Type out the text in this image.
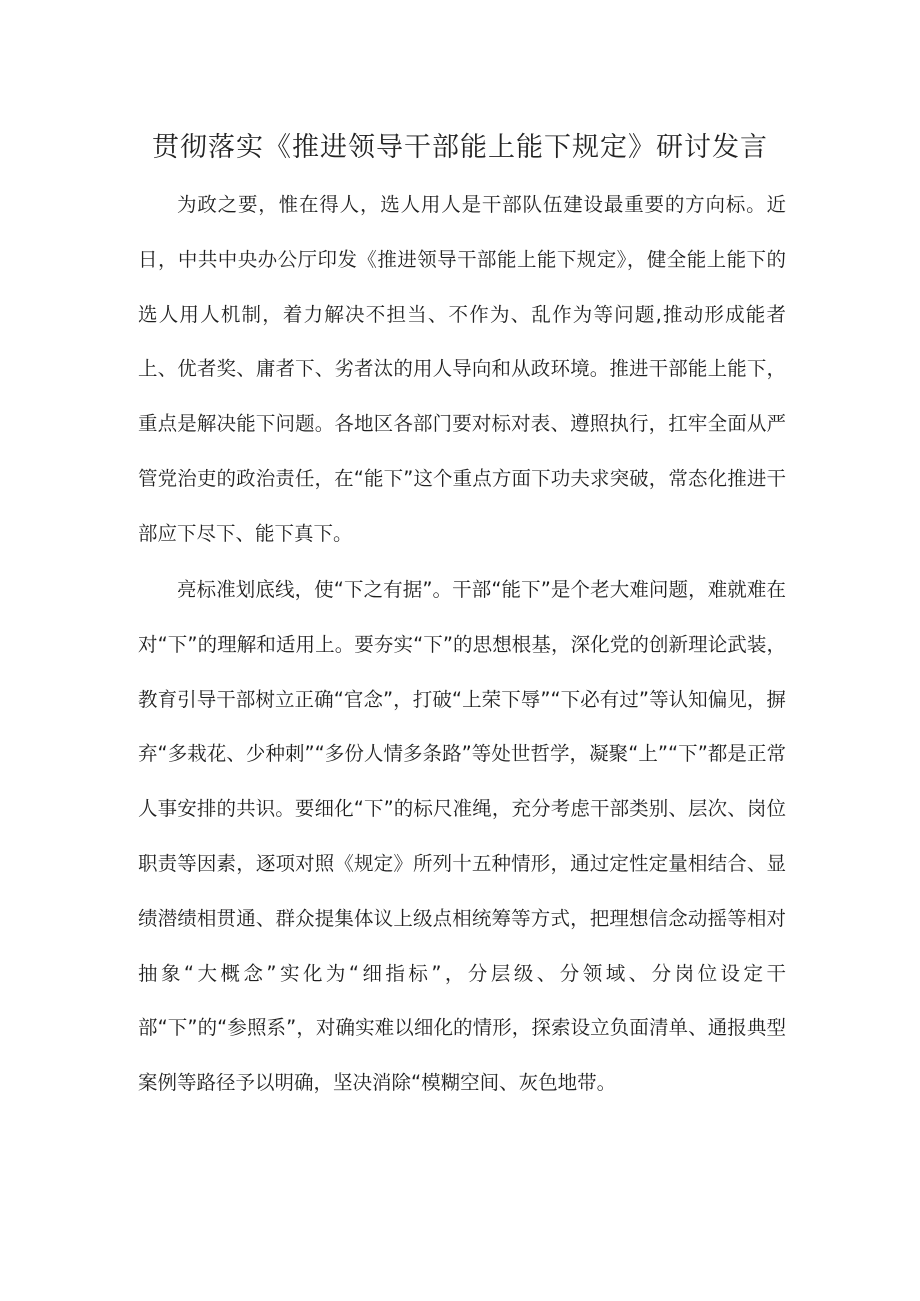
贯彻落实《推进领导干部能上能下规定》研讨发言

为政之要，惟在得人，选人用人是干部队伍建设最重要的方向标。近日，中共中央办公厅印发《推进领导干部能上能下规定》，健全能上能下的选人用人机制，着力解决不担当、不作为、乱作为等问题,推动形成能者上、优者奖、庸者下、劣者汰的用人导向和从政环境。推进干部能上能下，重点是解决能下问题。各地区各部门要对标对表、遵照执行，扛牢全面从严管党治吏的政治责任，在“能下”这个重点方面下功夫求突破，常态化推进干部应下尽下、能下真下。

亮标准划底线，使“下之有据”。干部“能下”是个老大难问题，难就难在对“下”的理解和适用上。要夯实“下”的思想根基，深化党的创新理论武装，教育引导干部树立正确“官念”，打破“上荣下辱”“下必有过”等认知偏见，摒弃“多栽花、少种刺”“多份人情多条路”等处世哲学，凝聚“上”“下”都是正常人事安排的共识。要细化“下”的标尺准绳，充分考虑干部类别、层次、岗位职责等因素，逐项对照《规定》所列十五种情形，通过定性定量相结合、显绩潜绩相贯通、群众提集体议上级点相统筹等方式，把理想信念动摇等相对抽象“大概念”实化为“细指标”，分层级、分领域、分岗位设定干部“下”的“参照系”，对确实难以细化的情形，探索设立负面清单、通报典型案例等路径予以明确，坚决消除“模糊空间、灰色地带。
